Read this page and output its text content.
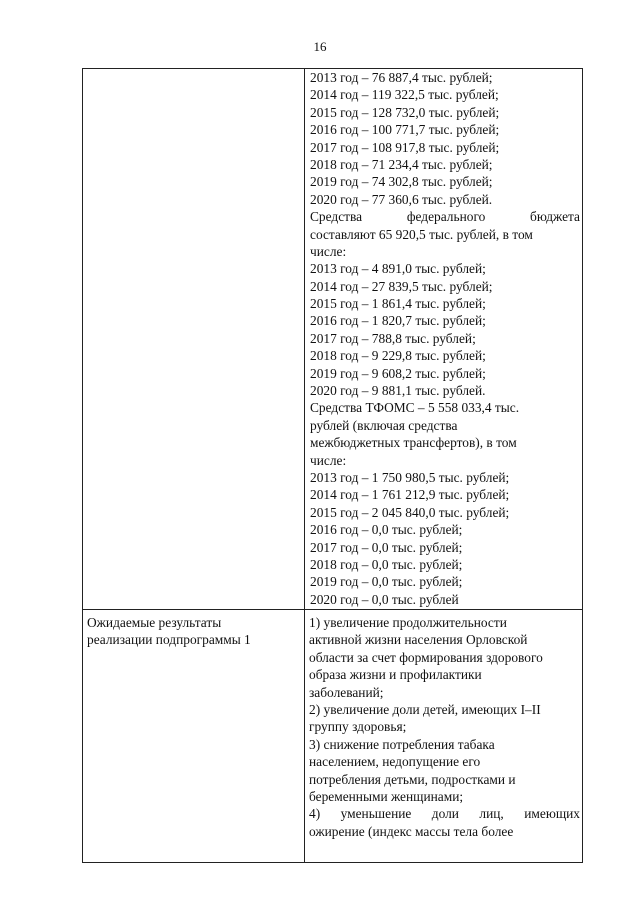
16
2013 год – 76 887,4 тыс. рублей;
2014 год – 119 322,5 тыс. рублей;
2015 год – 128 732,0 тыс. рублей;
2016 год – 100 771,7 тыс. рублей;
2017 год – 108 917,8 тыс. рублей;
2018 год – 71 234,4 тыс. рублей;
2019 год – 74 302,8 тыс. рублей;
2020 год – 77 360,6 тыс. рублей.
Средства федерального бюджета
составляют 65 920,5 тыс. рублей, в том
числе:
2013 год – 4 891,0 тыс. рублей;
2014 год – 27 839,5 тыс. рублей;
2015 год – 1 861,4 тыс. рублей;
2016 год – 1 820,7 тыс. рублей;
2017 год – 788,8 тыс. рублей;
2018 год – 9 229,8 тыс. рублей;
2019 год – 9 608,2 тыс. рублей;
2020 год – 9 881,1 тыс. рублей.
Средства ТФОМС – 5 558 033,4 тыс.
рублей (включая средства
межбюджетных трансфертов), в том
числе:
2013 год – 1 750 980,5 тыс. рублей;
2014 год – 1 761 212,9 тыс. рублей;
2015 год – 2 045 840,0 тыс. рублей;
2016 год – 0,0 тыс. рублей;
2017 год – 0,0 тыс. рублей;
2018 год – 0,0 тыс. рублей;
2019 год – 0,0 тыс. рублей;
2020 год – 0,0 тыс. рублей
Ожидаемые результаты
реализации подпрограммы 1
1) увеличение продолжительности
активной жизни населения Орловской
области за счет формирования здорового
образа жизни и профилактики
заболеваний;
2) увеличение доли детей, имеющих I–II
группу здоровья;
3) снижение потребления табака
населением, недопущение его
потребления детьми, подростками и
беременными женщинами;
4) уменьшение доли лиц, имеющих
ожирение (индекс массы тела более
